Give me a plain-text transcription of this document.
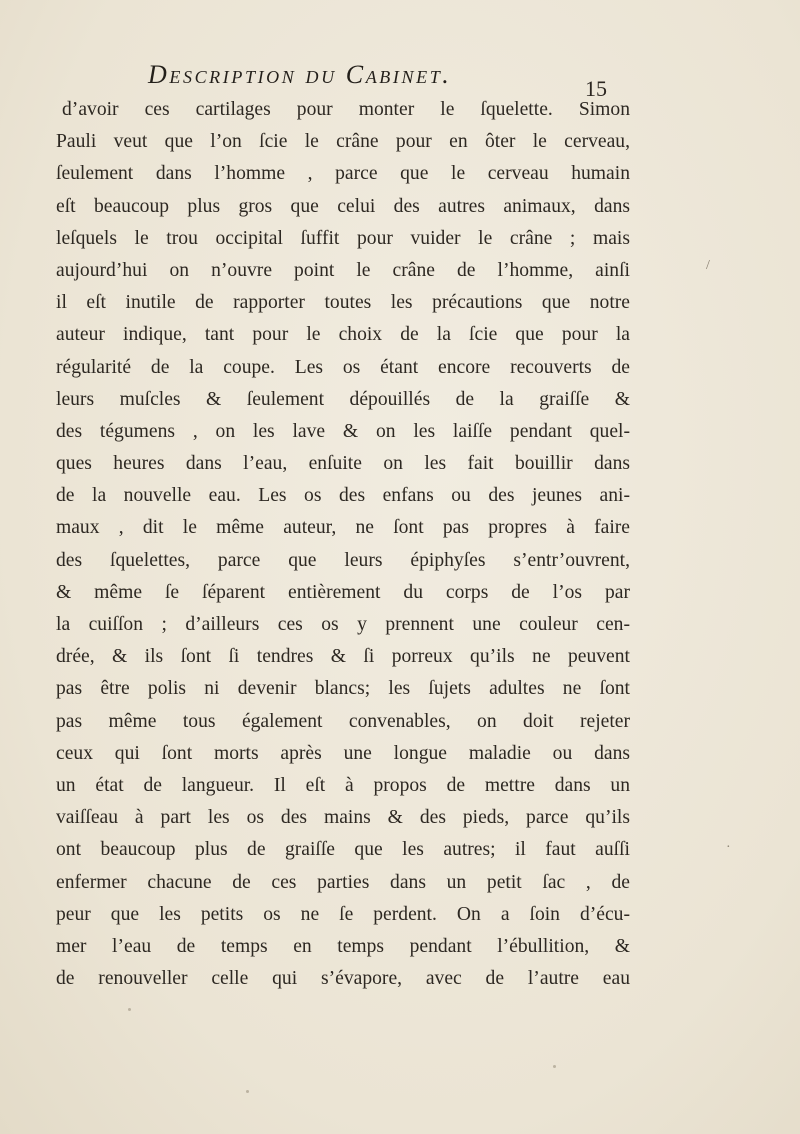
Description du Cabinet.	15
d’avoir ces cartilages pour monter le ſquelette. Simon
Pauli veut que l’on ſcie le crâne pour en ôter le cerveau,
ſeulement dans l’homme , parce que le cerveau humain
eſt beaucoup plus gros que celui des autres animaux, dans
leſquels le trou occipital ſuffit pour vuider le crâne ; mais
aujourd’hui on n’ouvre point le crâne de l’homme, ainſi
il eſt inutile de rapporter toutes les précautions que notre
auteur indique, tant pour le choix de la ſcie que pour la
régularité de la coupe. Les os étant encore recouverts de
leurs muſcles & ſeulement dépouillés de la graiſſe &
des tégumens , on les lave & on les laiſſe pendant quel-
ques heures dans l’eau, enſuite on les fait bouillir dans
de la nouvelle eau. Les os des enfans ou des jeunes ani-
maux , dit le même auteur, ne ſont pas propres à faire
des ſquelettes, parce que leurs épiphyſes s’entr’ouvrent,
& même ſe ſéparent entièrement du corps de l’os par
la cuiſſon ; d’ailleurs ces os y prennent une couleur cen-
drée, & ils ſont ſi tendres & ſi porreux qu’ils ne peuvent
pas être polis ni devenir blancs; les ſujets adultes ne ſont
pas même tous également convenables, on doit rejeter
ceux qui ſont morts après une longue maladie ou dans
un état de langueur. Il eſt à propos de mettre dans un
vaiſſeau à part les os des mains & des pieds, parce qu’ils
ont beaucoup plus de graiſſe que les autres; il faut auſſi
enfermer chacune de ces parties dans un petit ſac , de
peur que les petits os ne ſe perdent. On a ſoin d’écu-
mer l’eau de temps en temps pendant l’ébullition, &
de renouveller celle qui s’évapore, avec de l’autre eau
/
·
